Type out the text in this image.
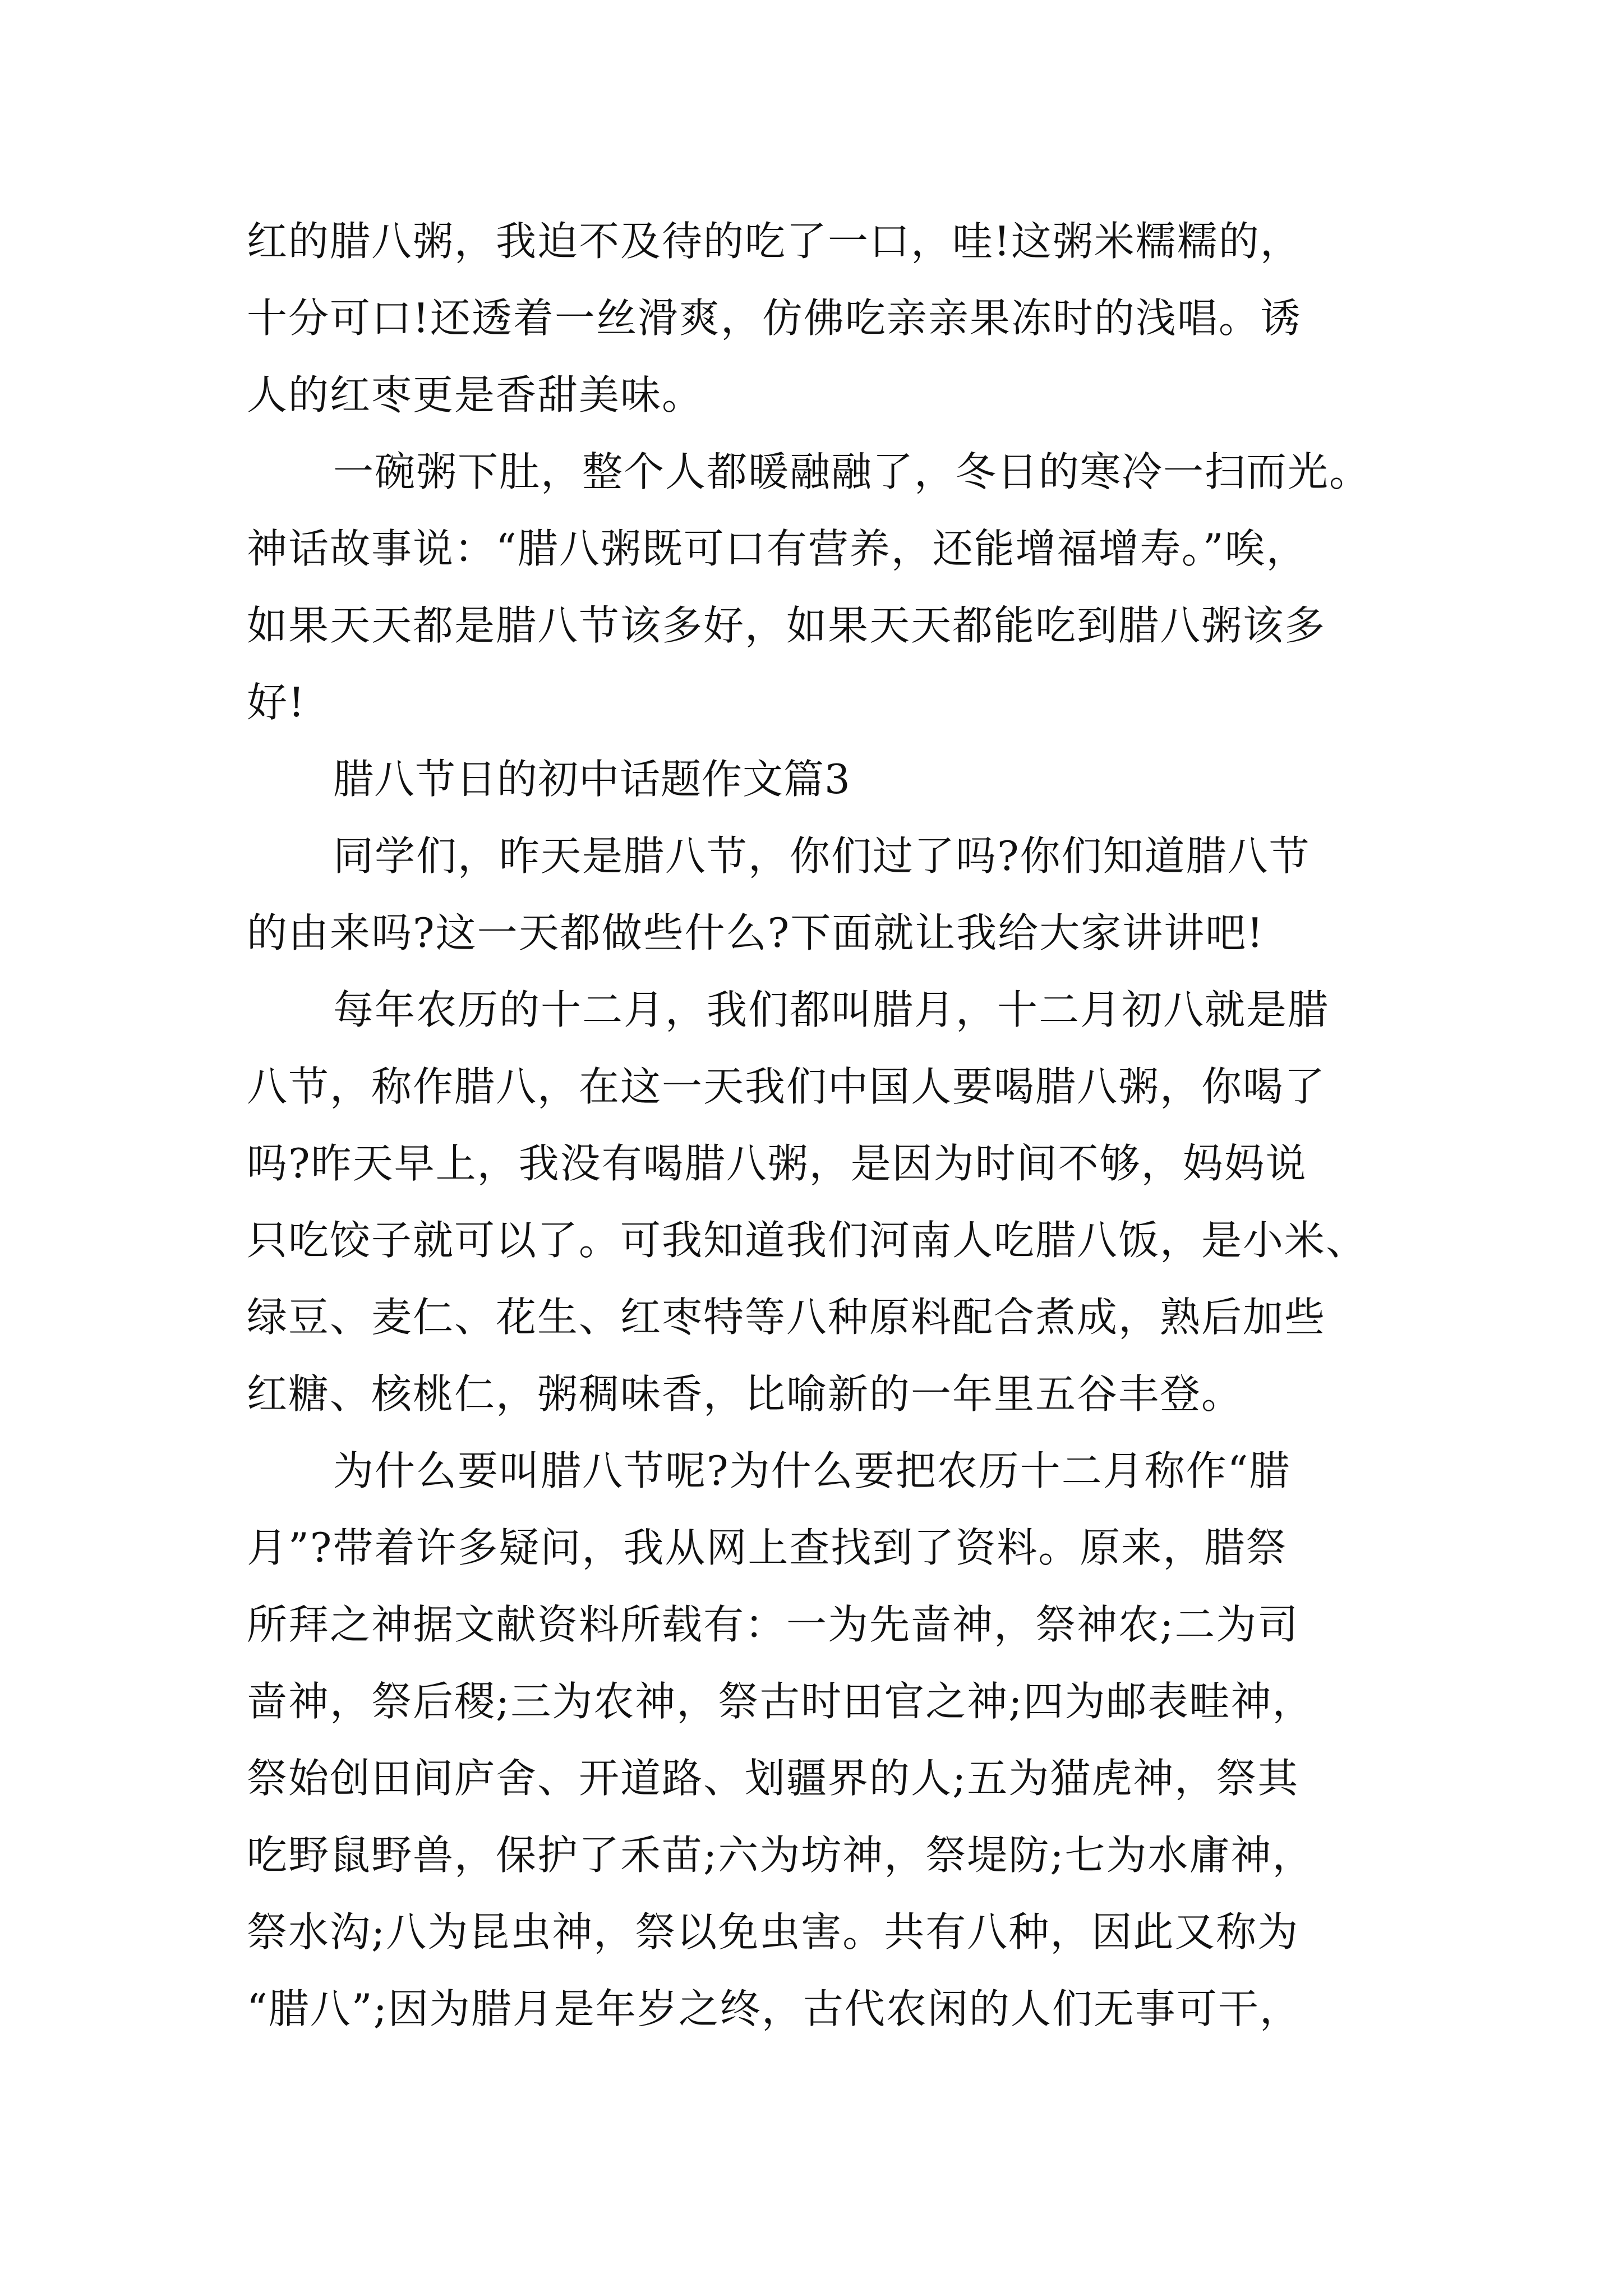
红的腊八粥，我迫不及待的吃了一口，哇!这粥米糯糯的，
十分可口!还透着一丝滑爽，仿佛吃亲亲果冻时的浅唱。诱
人的红枣更是香甜美味。
一碗粥下肚，整个人都暖融融了，冬日的寒冷一扫而光。
神话故事说：“腊八粥既可口有营养，还能增福增寿。”唉，
如果天天都是腊八节该多好，如果天天都能吃到腊八粥该多
好!
腊八节日的初中话题作文篇3
同学们，昨天是腊八节，你们过了吗?你们知道腊八节
的由来吗?这一天都做些什么?下面就让我给大家讲讲吧!
每年农历的十二月，我们都叫腊月，十二月初八就是腊
八节，称作腊八，在这一天我们中国人要喝腊八粥，你喝了
吗?昨天早上，我没有喝腊八粥，是因为时间不够，妈妈说
只吃饺子就可以了。可我知道我们河南人吃腊八饭，是小米、
绿豆、麦仁、花生、红枣特等八种原料配合煮成，熟后加些
红糖、核桃仁，粥稠味香，比喻新的一年里五谷丰登。
为什么要叫腊八节呢?为什么要把农历十二月称作“腊
月”?带着许多疑问，我从网上查找到了资料。原来，腊祭
所拜之神据文献资料所载有：一为先啬神，祭神农;二为司
啬神，祭后稷;三为农神，祭古时田官之神;四为邮表畦神，
祭始创田间庐舍、开道路、划疆界的人;五为猫虎神，祭其
吃野鼠野兽，保护了禾苗;六为坊神，祭堤防;七为水庸神，
祭水沟;八为昆虫神，祭以免虫害。共有八种，因此又称为
“腊八”;因为腊月是年岁之终，古代农闲的人们无事可干，
